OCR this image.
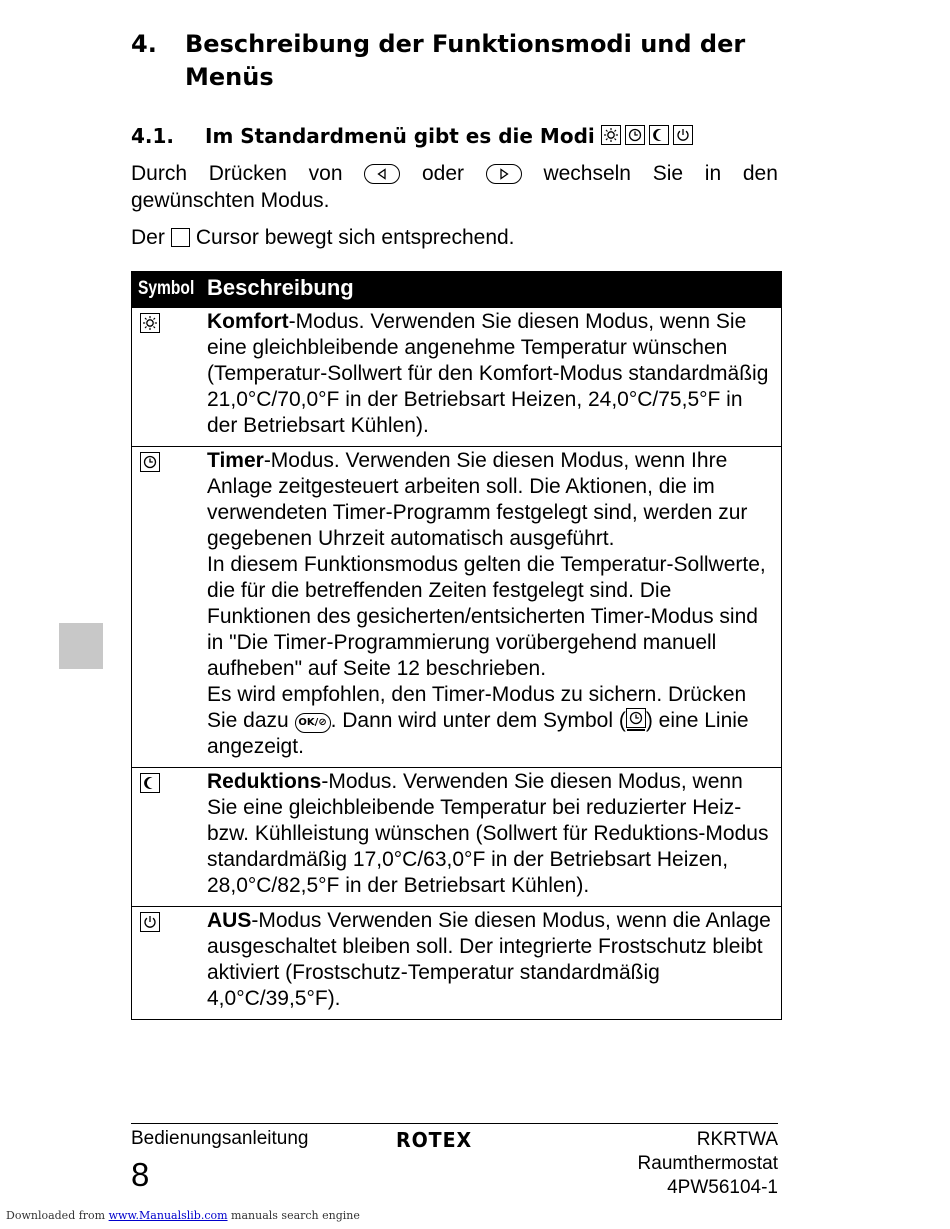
4. Beschreibung der Funktionsmodi und der Menüs
4.1. Im Standardmenü gibt es die Modi
Durch Drücken von	oder	wechseln Sie in den
gewünschten Modus.
Der Cursor bewegt sich entsprechend.
Symbol Beschreibung
Komfort-Modus. Verwenden Sie diesen Modus, wenn Sie eine gleichbleibende angenehme Temperatur wünschen (Temperatur-Sollwert für den Komfort-Modus standardmäßig 21,0°C/70,0°F in der Betriebsart Heizen, 24,0°C/75,5°F in der Betriebsart Kühlen).
Timer-Modus. Verwenden Sie diesen Modus, wenn Ihre Anlage zeitgesteuert arbeiten soll. Die Aktionen, die im verwendeten Timer-Programm festgelegt sind, werden zur gegebenen Uhrzeit automatisch ausgeführt.
In diesem Funktionsmodus gelten die Temperatur-Sollwerte, die für die betreffenden Zeiten festgelegt sind. Die Funktionen des gesicherten/entsicherten Timer-Modus sind in "Die Timer-Programmierung vorübergehend manuell aufheben" auf Seite 12 beschrieben.
Es wird empfohlen, den Timer-Modus zu sichern. Drücken Sie dazu OK/⊘ . Dann wird unter dem Symbol ( ) eine Linie angezeigt.
Reduktions-Modus. Verwenden Sie diesen Modus, wenn Sie eine gleichbleibende Temperatur bei reduzierter Heiz- bzw. Kühlleistung wünschen (Sollwert für Reduktions-Modus standardmäßig 17,0°C/63,0°F in der Betriebsart Heizen, 28,0°C/82,5°F in der Betriebsart Kühlen).
AUS-Modus Verwenden Sie diesen Modus, wenn die Anlage ausgeschaltet bleiben soll. Der integrierte Frostschutz bleibt aktiviert (Frostschutz-Temperatur standardmäßig 4,0°C/39,5°F).
Bedienungsanleitung	ROTEX	RKRTWA
Raumthermostat
4PW56104-1
8
Downloaded from www.Manualslib.com manuals search engine
